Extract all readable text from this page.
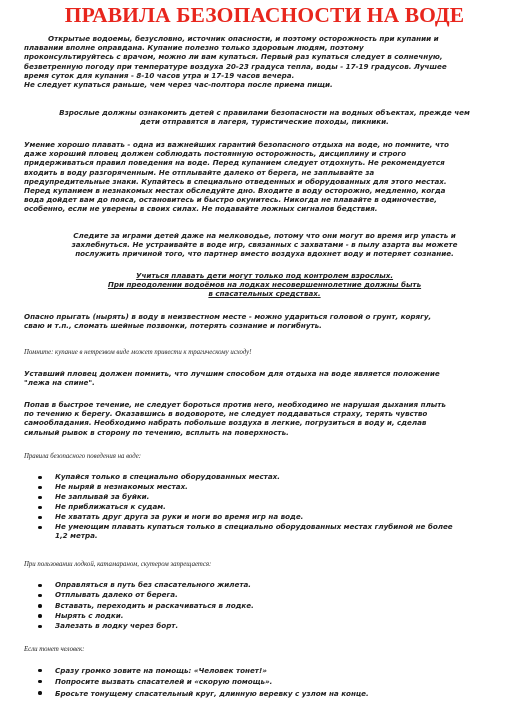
ПРАВИЛА БЕЗОПАСНОСТИ НА ВОДЕ
Открытые водоемы, безусловно, источник опасности, и поэтому осторожность при купании и
плавании вполне оправдана. Купание полезно только здоровым людям, поэтому
проконсультируйтесь с врачом, можно ли вам купаться. Первый раз купаться следует в солнечную,
безветренную погоду при температуре воздуха 20-23 градуса тепла, воды - 17-19 градусов. Лучшее
время суток для купания - 8-10 часов утра и 17-19 часов вечера.
Не следует купаться раньше, чем через час-полтора после приема пищи.
Взрослые должны ознакомить детей с правилами безопасности на водных объектах, прежде чем
дети отправятся в лагеря, туристические походы, пикники.
Умение хорошо плавать - одна из важнейших гарантий безопасного отдыха на воде, но помните, что
даже хороший пловец должен соблюдать постоянную осторожность, дисциплину и строго
придерживаться правил поведения на воде. Перед купанием следует отдохнуть. Не рекомендуется
входить в воду разгоряченным. Не отплывайте далеко от берега, не заплывайте за
предупредительные знаки. Купайтесь в специально отведенных и оборудованных для этого местах.
Перед купанием в незнакомых местах обследуйте дно. Входите в воду осторожно, медленно, когда
вода дойдет вам до пояса, остановитесь и быстро окунитесь. Никогда не плавайте в одиночестве,
особенно, если не уверены в своих силах. Не подавайте ложных сигналов бедствия.
Следите за играми детей даже на мелководье, потому что они могут во время игр упасть и
захлебнуться. Не устраивайте в воде игр, связанных с захватами - в пылу азарта вы можете
послужить причиной того, что партнер вместо воздуха вдохнет воду и потеряет сознание.
Учиться плавать дети могут только под контролем взрослых.
При преодолении водоёмов на лодках несовершеннолетние должны быть
в спасательных средствах.
Опасно прыгать (нырять) в воду в неизвестном месте - можно удариться головой о грунт, корягу,
сваю и т.п., сломать шейные позвонки, потерять сознание и погибнуть.
Помните: купание в нетрезвом виде может привести к трагическому исходу!
Уставший пловец должен помнить, что лучшим способом для отдыха на воде является положение
"лежа на спине".
Попав в быстрое течение, не следует бороться против него, необходимо не нарушая дыхания плыть
по течению к берегу. Оказавшись в водовороте, не следует поддаваться страху, терять чувство
самообладания. Необходимо набрать побольше воздуха в легкие, погрузиться в воду и, сделав
сильный рывок в сторону по течению, всплыть на поверхность.
Правила безопасного поведения на воде:
Купайся только в специально оборудованных местах.
Не ныряй в незнакомых местах.
Не заплывай за буйки.
Не приближаться к судам.
Не хватать друг друга за руки и ноги во время игр на воде.
Не умеющим плавать купаться только в специально оборудованных местах глубиной не более
1,2 метра.
При пользовании лодкой, катамараном, скутером запрещается:
Оправляться в путь без спасательного жилета.
Отплывать далеко от берега.
Вставать, переходить и раскачиваться в лодке.
Нырять с лодки.
Залезать в лодку через борт.
Если тонет человек:
Сразу громко зовите на помощь: «Человек тонет!»
Попросите вызвать спасателей и «скорую помощь».
Бросьте тонущему спасательный круг, длинную веревку с узлом на конце.
